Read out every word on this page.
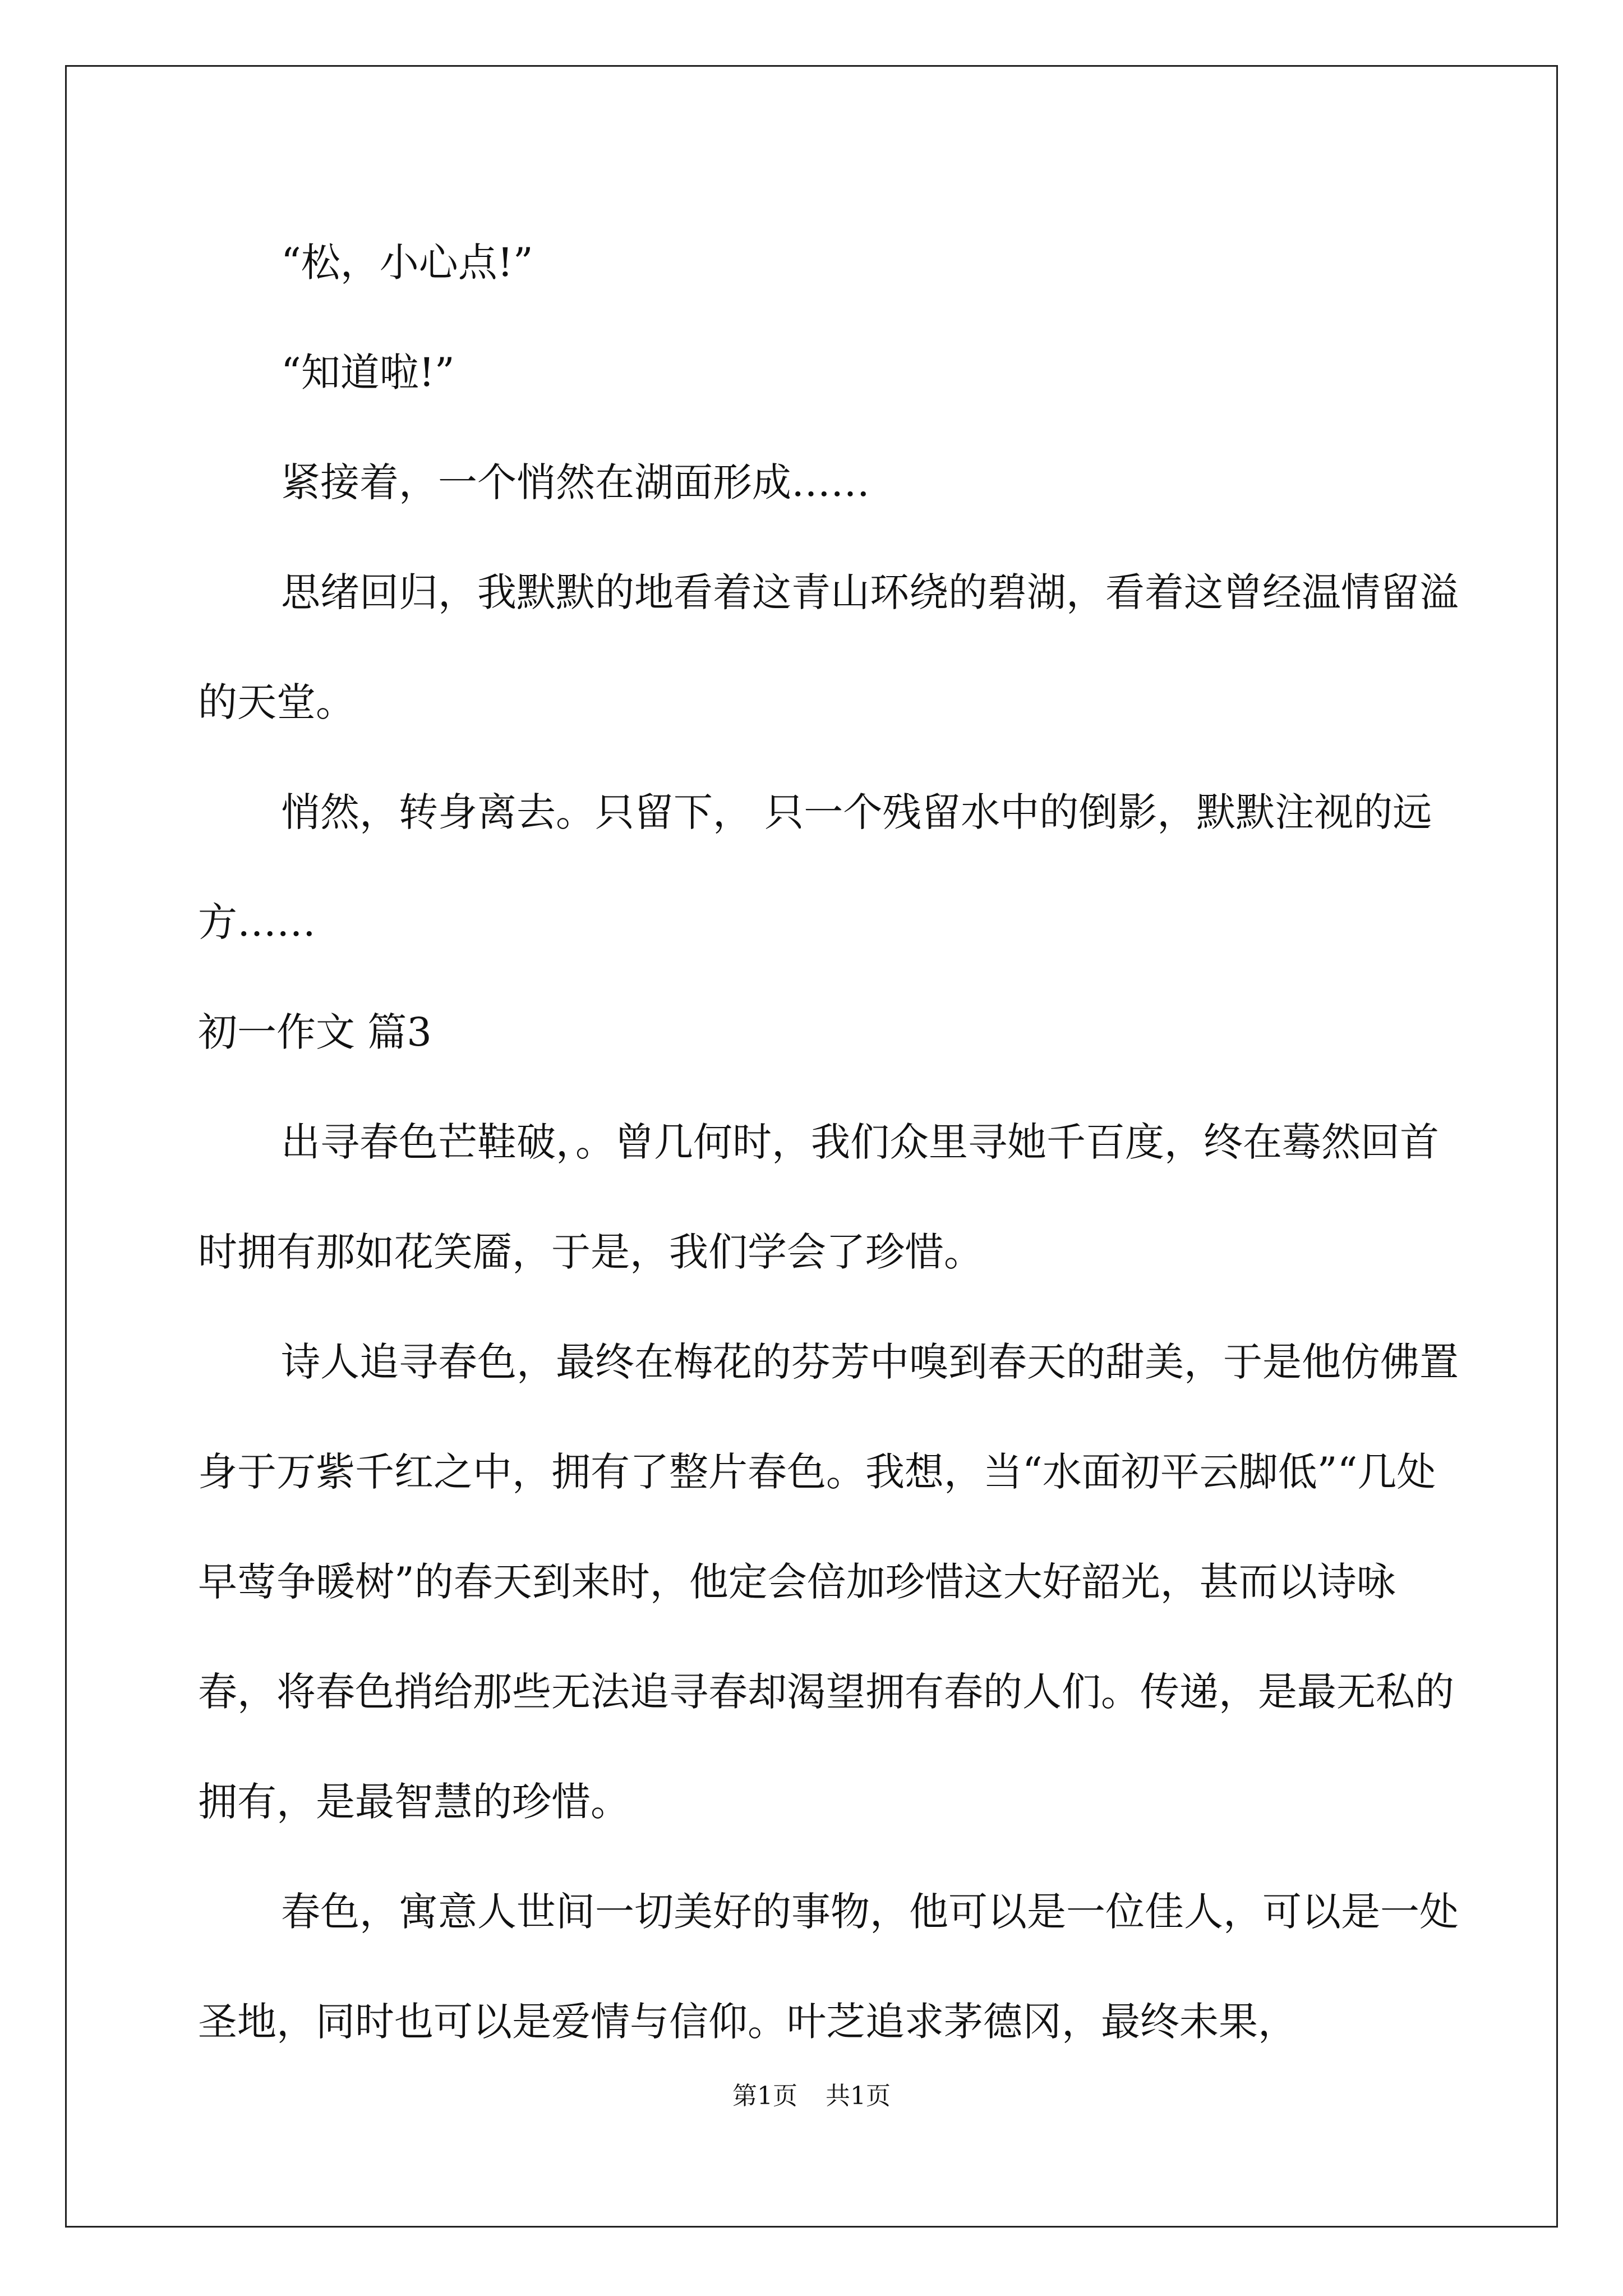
“松，小心点!”

“知道啦!”

紧接着，一个悄然在湖面形成……

思绪回归，我默默的地看着这青山环绕的碧湖，看着这曾经温情留溢的天堂。

悄然，转身离去。只留下， 只一个残留水中的倒影，默默注视的远方……

初一作文 篇3

出寻春色芒鞋破，。曾几何时，我们众里寻她千百度，终在蓦然回首时拥有那如花笑靥，于是，我们学会了珍惜。

诗人追寻春色，最终在梅花的芬芳中嗅到春天的甜美，于是他仿佛置身于万紫千红之中，拥有了整片春色。我想，当“水面初平云脚低”“几处早莺争暖树”的春天到来时，他定会倍加珍惜这大好韶光，甚而以诗咏春，将春色捎给那些无法追寻春却渴望拥有春的人们。传递，是最无私的拥有，是最智慧的珍惜。

春色，寓意人世间一切美好的事物，他可以是一位佳人，可以是一处圣地，同时也可以是爱情与信仰。叶芝追求茅德冈，最终未果，

第1页 共1页
